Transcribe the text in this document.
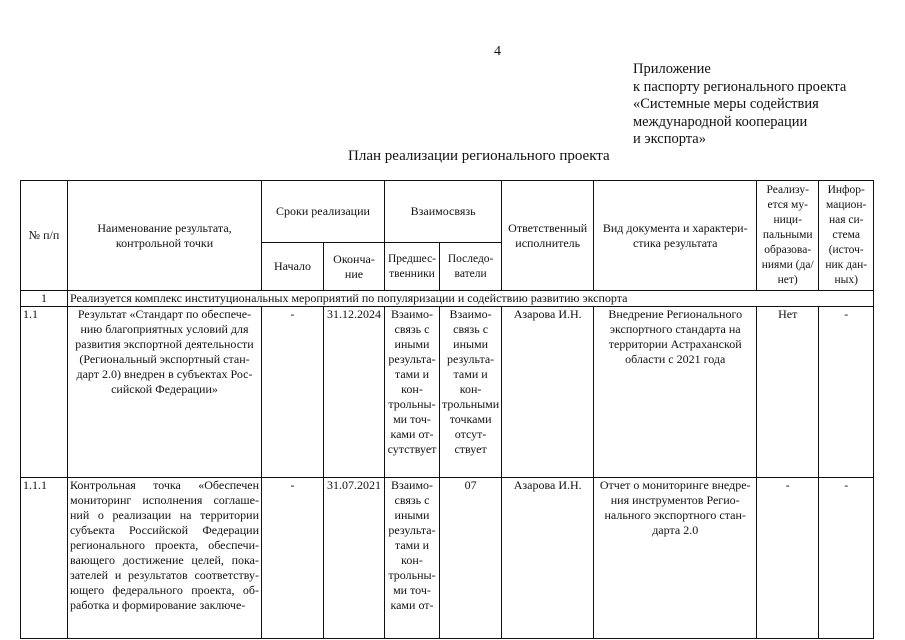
4
Приложение
к паспорту регионального проекта
«Системные меры содействия
международной кооперации
и экспорта»
План реализации регионального проекта
№ п/п	Наименование результата, контрольной точки	Сроки реализации		Взаимосвязь		Ответственный исполнитель	Вид документа и характери-стика результата	Реализу-ется му-ници-пальными образова-ниями (да/нет)	Инфор-мацион-ная си-стема (источ-ник дан-ных)
		Начало	Оконча-ние	Предшес-твенники	Последо-ватели				
1	Реализуется комплекс институциональных мероприятий по популяризации и содействию развитию экспорта								
1.1	Результат «Стандарт по обеспече-нию благоприятных условий для развития экспортной деятельности (Региональный экспортный стан-дарт 2.0) внедрен в субъектах Рос-сийской Федерации»	-	31.12.2024	Взаимо-связь с иными результа-тами и кон-трольны-ми точ-ками от-сутствует	Взаимо-связь с иными результа-тами и кон-трольными точками отсут-ствует	Азарова И.Н.	Внедрение Регионального экспортного стандарта на территории Астраханской области с 2021 года	Нет	-
1.1.1	Контрольная точка «Обеспечен мониторинг исполнения соглаше-ний о реализации на территории субъекта Российской Федерации регионального проекта, обеспечи-вающего достижение целей, пока-зателей и результатов соответству-ющего федерального проекта, об-работка и формирование заключе-	-	31.07.2021	Взаимо-связь с иными результа-тами и кон-трольны-ми точ-ками от-	07	Азарова И.Н.	Отчет о мониторинге внедре-ния инструментов Регио-нального экспортного стан-дарта 2.0	-	-
